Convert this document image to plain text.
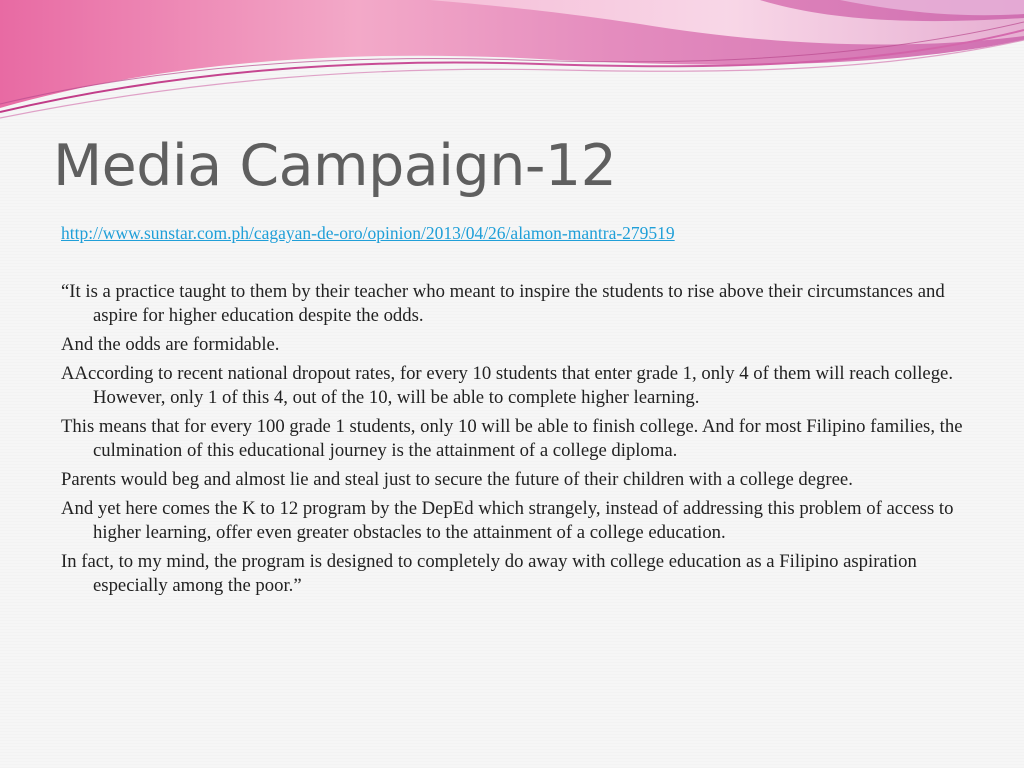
Media Campaign-12
http://www.sunstar.com.ph/cagayan-de-oro/opinion/2013/04/26/alamon-mantra-279519
“It is a practice taught to them by their teacher who meant to inspire the students to rise above their circumstances and aspire for higher education despite the odds.
And the odds are formidable.
AAccording to recent national dropout rates, for every 10 students that enter grade 1, only 4 of them will reach college. However, only 1 of this 4, out of the 10, will be able to complete higher learning.
This means that for every 100 grade 1 students, only 10 will be able to finish college. And for most Filipino families, the culmination of this educational journey is the attainment of a college diploma.
Parents would beg and almost lie and steal just to secure the future of their children with a college degree.
And yet here comes the K to 12 program by the DepEd which strangely, instead of addressing this problem of access to higher learning, offer even greater obstacles to the attainment of a college education.
In fact, to my mind, the program is designed to completely do away with college education as a Filipino aspiration especially among the poor.”
